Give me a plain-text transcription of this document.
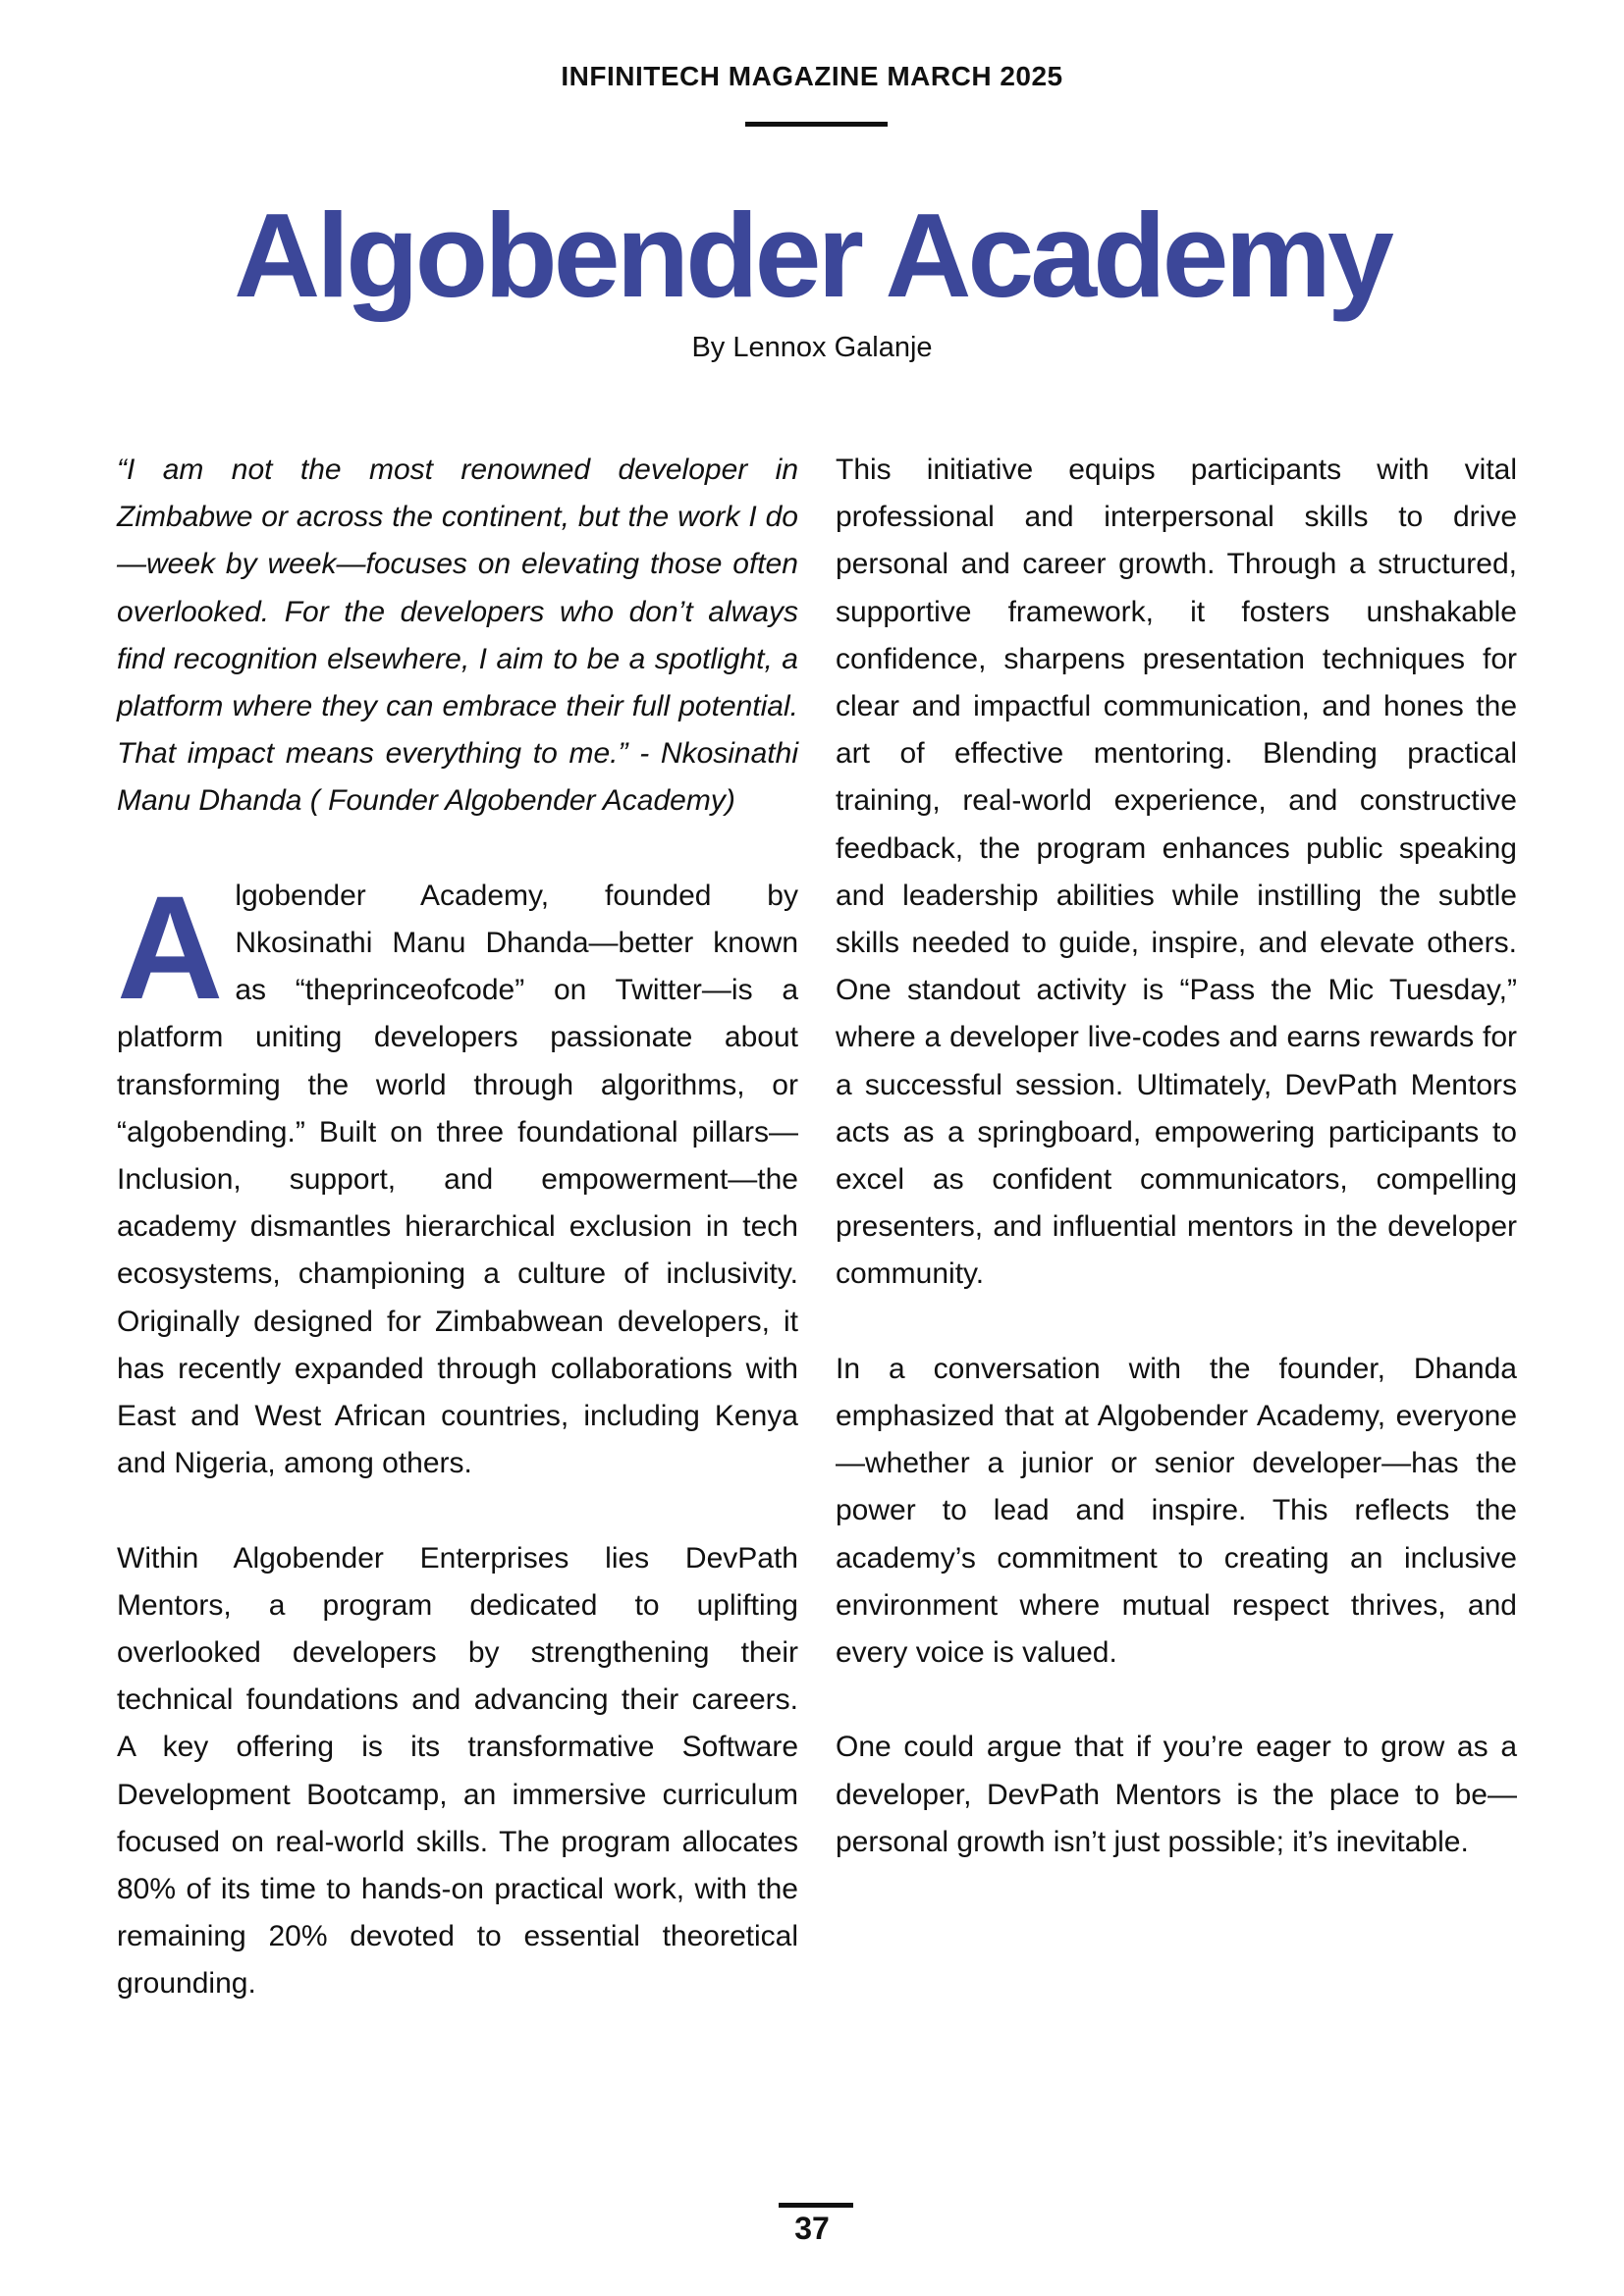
INFINITECH MAGAZINE MARCH 2025
Algobender Academy
By Lennox Galanje

“I am not the most renowned developer in Zimbabwe or across the continent, but the work I do—week by week—focuses on elevating those often overlooked. For the developers who don’t always find recognition elsewhere, I aim to be a spotlight, a platform where they can embrace their full potential. That impact means everything to me.” - Nkosinathi Manu Dhanda ( Founder Algobender Academy)

Algobender Academy, founded by Nkosinathi Manu Dhanda—better known as “theprinceofcode” on Twitter—is a platform uniting developers passionate about transforming the world through algorithms, or “algobending.” Built on three foundational pillars—Inclusion, support, and empowerment—the academy dismantles hierarchical exclusion in tech ecosystems, championing a culture of inclusivity. Originally designed for Zimbabwean developers, it has recently expanded through collaborations with East and West African countries, including Kenya and Nigeria, among others.

Within Algobender Enterprises lies DevPath Mentors, a program dedicated to uplifting overlooked developers by strengthening their technical foundations and advancing their careers. A key offering is its transformative Software Development Bootcamp, an immersive curriculum focused on real-world skills. The program allocates 80% of its time to hands-on practical work, with the remaining 20% devoted to essential theoretical grounding.

This initiative equips participants with vital professional and interpersonal skills to drive personal and career growth. Through a structured, supportive framework, it fosters unshakable confidence, sharpens presentation techniques for clear and impactful communication, and hones the art of effective mentoring. Blending practical training, real-world experience, and constructive feedback, the program enhances public speaking and leadership abilities while instilling the subtle skills needed to guide, inspire, and elevate others. One standout activity is “Pass the Mic Tuesday,” where a developer live-codes and earns rewards for a successful session. Ultimately, DevPath Mentors acts as a springboard, empowering participants to excel as confident communicators, compelling presenters, and influential mentors in the developer community.

In a conversation with the founder, Dhanda emphasized that at Algobender Academy, everyone—whether a junior or senior developer—has the power to lead and inspire. This reflects the academy’s commitment to creating an inclusive environment where mutual respect thrives, and every voice is valued.

One could argue that if you’re eager to grow as a developer, DevPath Mentors is the place to be—personal growth isn’t just possible; it’s inevitable.

37
